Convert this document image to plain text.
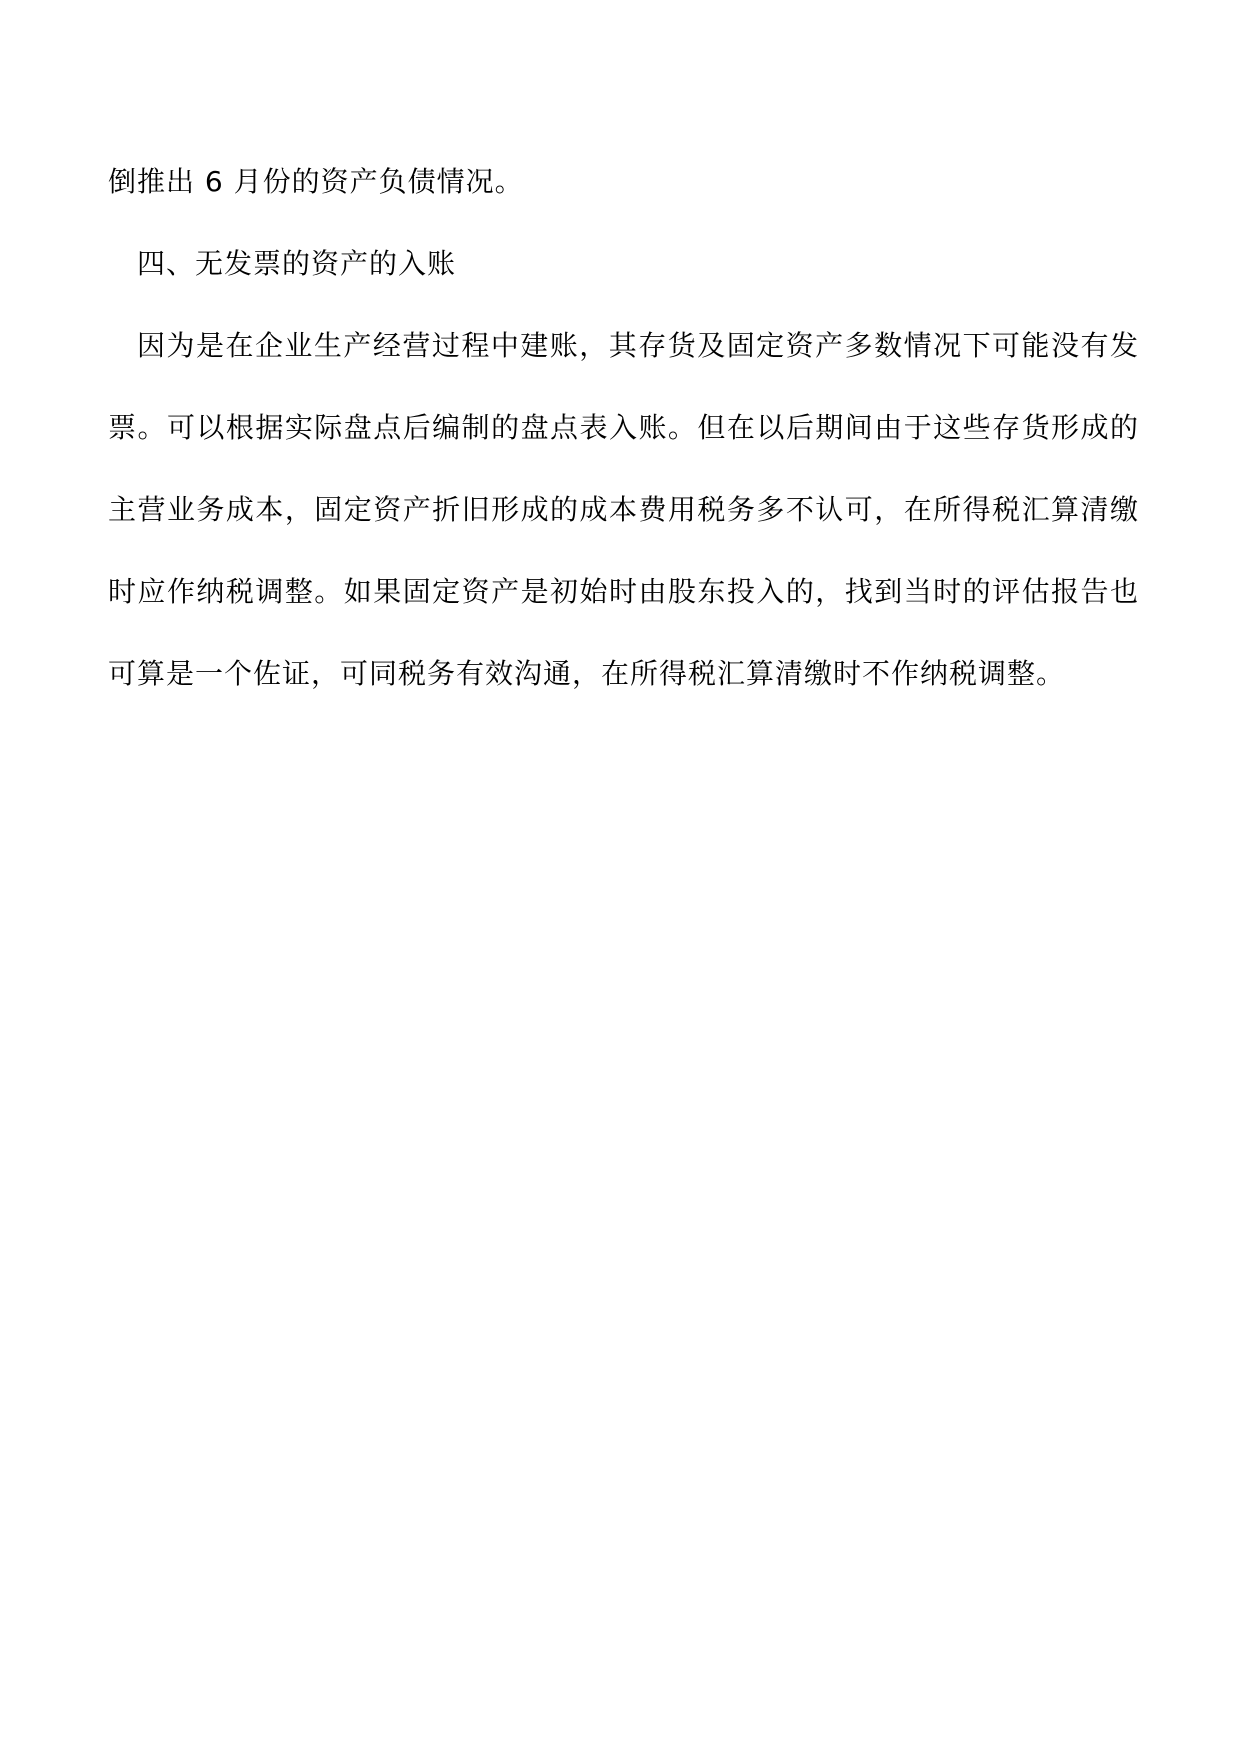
倒推出 6 月份的资产负债情况。
四、无发票的资产的入账
因为是在企业生产经营过程中建账，其存货及固定资产多数情况下可能没有发
票。可以根据实际盘点后编制的盘点表入账。但在以后期间由于这些存货形成的
主营业务成本，固定资产折旧形成的成本费用税务多不认可，在所得税汇算清缴
时应作纳税调整。如果固定资产是初始时由股东投入的，找到当时的评估报告也
可算是一个佐证，可同税务有效沟通，在所得税汇算清缴时不作纳税调整。
